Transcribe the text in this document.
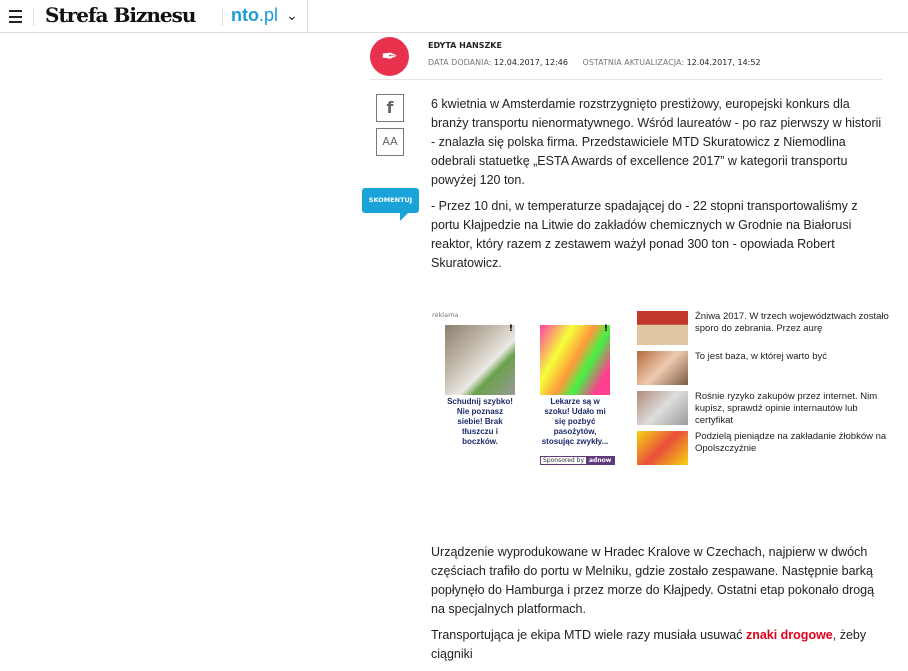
Strefa Biznesu nto.pl ⌄
✒	EDYTA HANSZKE
DATA DODANIA: 12.04.2017, 12:46 OSTATNIA AKTUALIZACJA: 12.04.2017, 14:52
f
AA
SKOMENTUJ

6 kwietnia w Amsterdamie rozstrzygnięto prestiżowy, europejski konkurs dla branży transportu nienormatywnego. Wśród laureatów - po raz pierwszy w historii - znalazła się polska firma. Przedstawiciele MTD Skuratowicz z Niemodlina odebrali statuetkę „ESTA Awards of excellence 2017” w kategorii transportu powyżej 120 ton.

- Przez 10 dni, w temperaturze spadającej do - 22 stopni transportowaliśmy z portu Kłajpedzie na Litwie do zakładów chemicznych w Grodnie na Białorusi reaktor, który razem z zestawem ważył ponad 300 ton - opowiada Robert Skuratowicz.

reklama
!
Schudnij szybko! Nie poznasz siebie! Brak tłuszczu i boczków.
!
Lekarze są w szoku! Udało mi się pozbyć pasożytów, stosując zwykły...
Sponsored by adnow
Żniwa 2017. W trzech województwach zostało sporo do zebrania. Przez aurę
To jest baza, w której warto być
Rośnie ryzyko zakupów przez internet. Nim kupisz, sprawdź opinie internautów lub certyfikat
Podzielą pieniądze na zakładanie żłobków na Opolszczyźnie

Urządzenie wyprodukowane w Hradec Kralove w Czechach, najpierw w dwóch częściach trafiło do portu w Melniku, gdzie zostało zespawane. Następnie barką popłynęło do Hamburga i przez morze do Kłajpedy. Ostatni etap pokonało drogą na specjalnych platformach.

Transportująca je ekipa MTD wiele razy musiała usuwać znaki drogowe, żeby ciągniki
